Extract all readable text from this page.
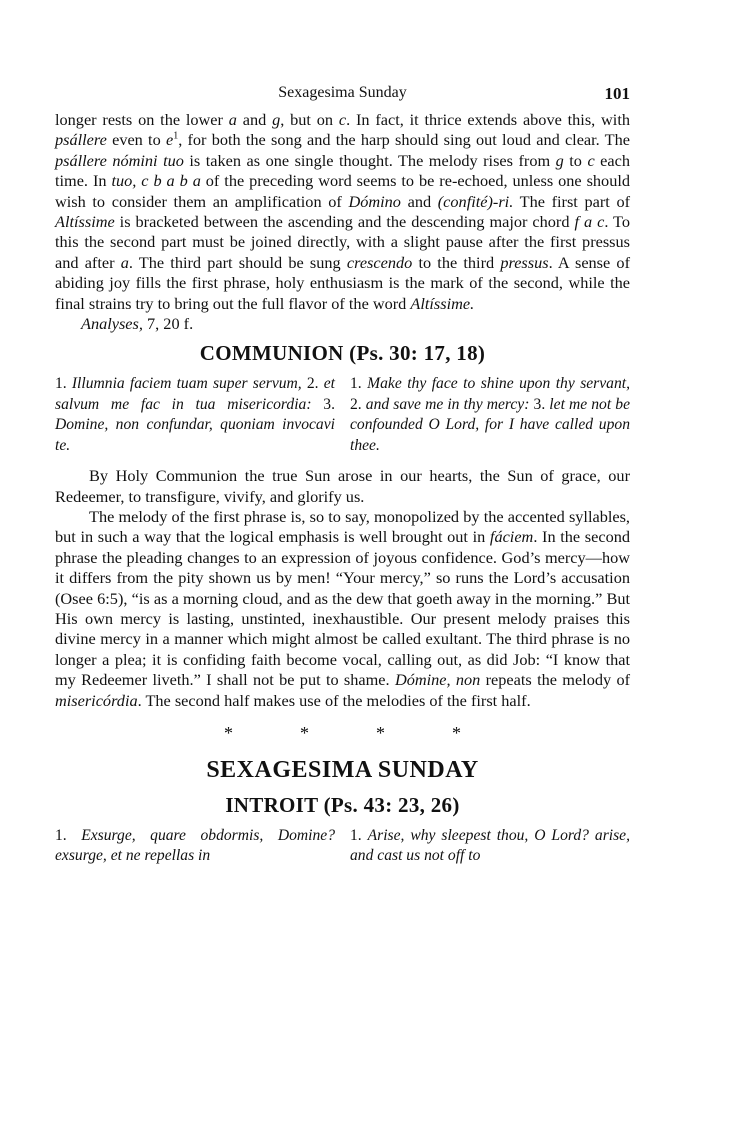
Sexagesima Sunday	101

longer rests on the lower a and g, but on c. In fact, it thrice extends above this, with psállere even to $e^1$, for both the song and the harp should sing out loud and clear. The psállere nómini tuo is taken as one single thought. The melody rises from g to c each time. In tuo, c b a b a of the preceding word seems to be re-echoed, unless one should wish to consider them an amplification of Dómino and (confité)-ri. The first part of Altíssime is bracketed between the ascending and the descending major chord f a c. To this the second part must be joined directly, with a slight pause after the first pressus and after a. The third part should be sung crescendo to the third pressus. A sense of abiding joy fills the first phrase, holy enthusiasm is the mark of the second, while the final strains try to bring out the full flavor of the word Altíssime.

Analyses, 7, 20 f.
COMMUNION (Ps. 30: 17, 18)
1. Illumnia faciem tuam super servum, 2. et salvum me fac in tua misericordia: 3. Domine, non confundar, quoniam invocavi te.
1. Make thy face to shine upon thy servant, 2. and save me in thy mercy: 3. let me not be confounded O Lord, for I have called upon thee.

By Holy Communion the true Sun arose in our hearts, the Sun of grace, our Redeemer, to transfigure, vivify, and glorify us.

The melody of the first phrase is, so to say, monopolized by the accented syllables, but in such a way that the logical emphasis is well brought out in fáciem. In the second phrase the pleading changes to an expression of joyous confidence. God’s mercy—how it differs from the pity shown us by men! “Your mercy,” so runs the Lord’s accusation (Osee 6:5), “is as a morning cloud, and as the dew that goeth away in the morning.” But His own mercy is lasting, unstinted, inexhaustible. Our present melody praises this divine mercy in a manner which might almost be called exultant. The third phrase is no longer a plea; it is confiding faith become vocal, calling out, as did Job: “I know that my Redeemer liveth.” I shall not be put to shame. Dómine, non repeats the melody of misericórdia. The second half makes use of the melodies of the first half.

*	*	*	*
SEXAGESIMA SUNDAY
INTROIT (Ps. 43: 23, 26)
1. Exsurge, quare obdormis, Domine? exsurge, et ne repellas in
1. Arise, why sleepest thou, O Lord? arise, and cast us not off to
